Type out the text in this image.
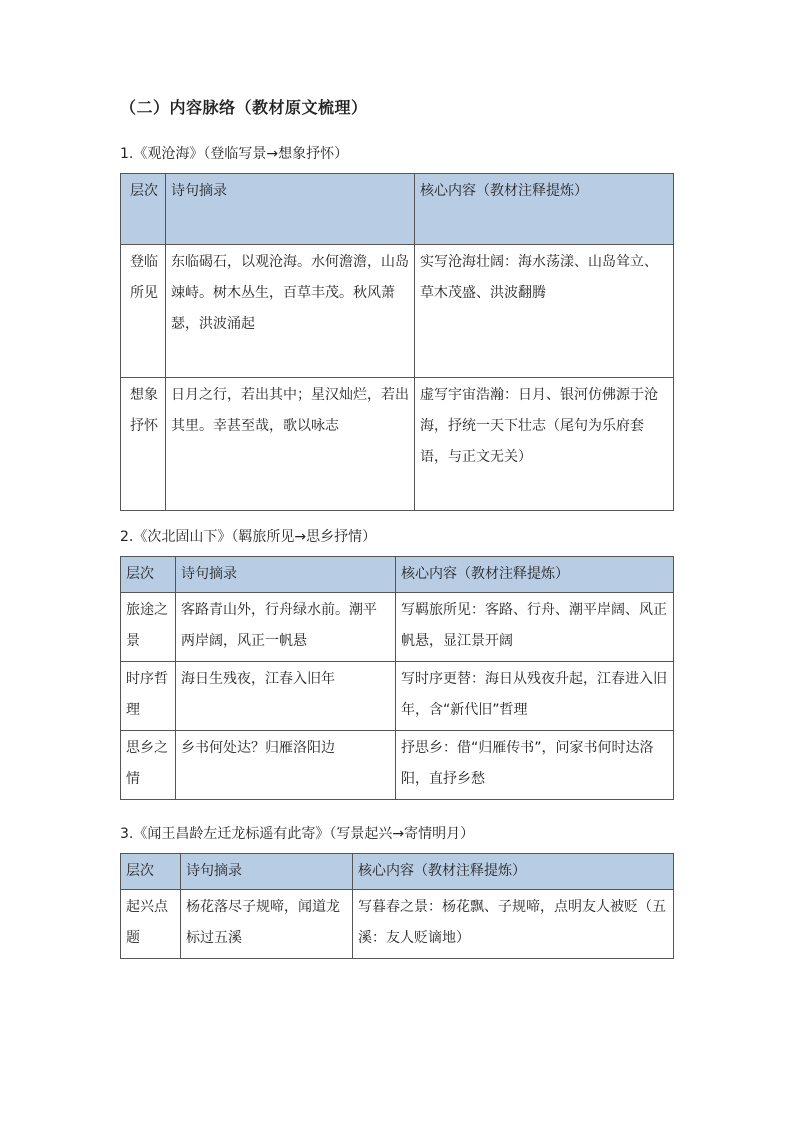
（二）内容脉络（教材原文梳理）
1.《观沧海》（登临写景→想象抒怀）
层次	诗句摘录	核心内容（教材注释提炼）
登临所见	东临碣石，以观沧海。水何澹澹，山岛竦峙。树木丛生，百草丰茂。秋风萧瑟，洪波涌起	实写沧海壮阔：海水荡漾、山岛耸立、草木茂盛、洪波翻腾
想象抒怀	日月之行，若出其中；星汉灿烂，若出其里。幸甚至哉，歌以咏志	虚写宇宙浩瀚：日月、银河仿佛源于沧海，抒统一天下壮志（尾句为乐府套语，与正文无关）
2.《次北固山下》（羁旅所见→思乡抒情）
层次	诗句摘录	核心内容（教材注释提炼）
旅途之景	客路青山外，行舟绿水前。潮平两岸阔，风正一帆悬	写羁旅所见：客路、行舟、潮平岸阔、风正帆悬，显江景开阔
时序哲理	海日生残夜，江春入旧年	写时序更替：海日从残夜升起，江春进入旧年，含“新代旧”哲理
思乡之情	乡书何处达？归雁洛阳边	抒思乡：借“归雁传书”，问家书何时达洛阳，直抒乡愁
3.《闻王昌龄左迁龙标遥有此寄》（写景起兴→寄情明月）
层次	诗句摘录	核心内容（教材注释提炼）
起兴点题	杨花落尽子规啼，闻道龙标过五溪	写暮春之景：杨花飘、子规啼，点明友人被贬（五溪：友人贬谪地）
